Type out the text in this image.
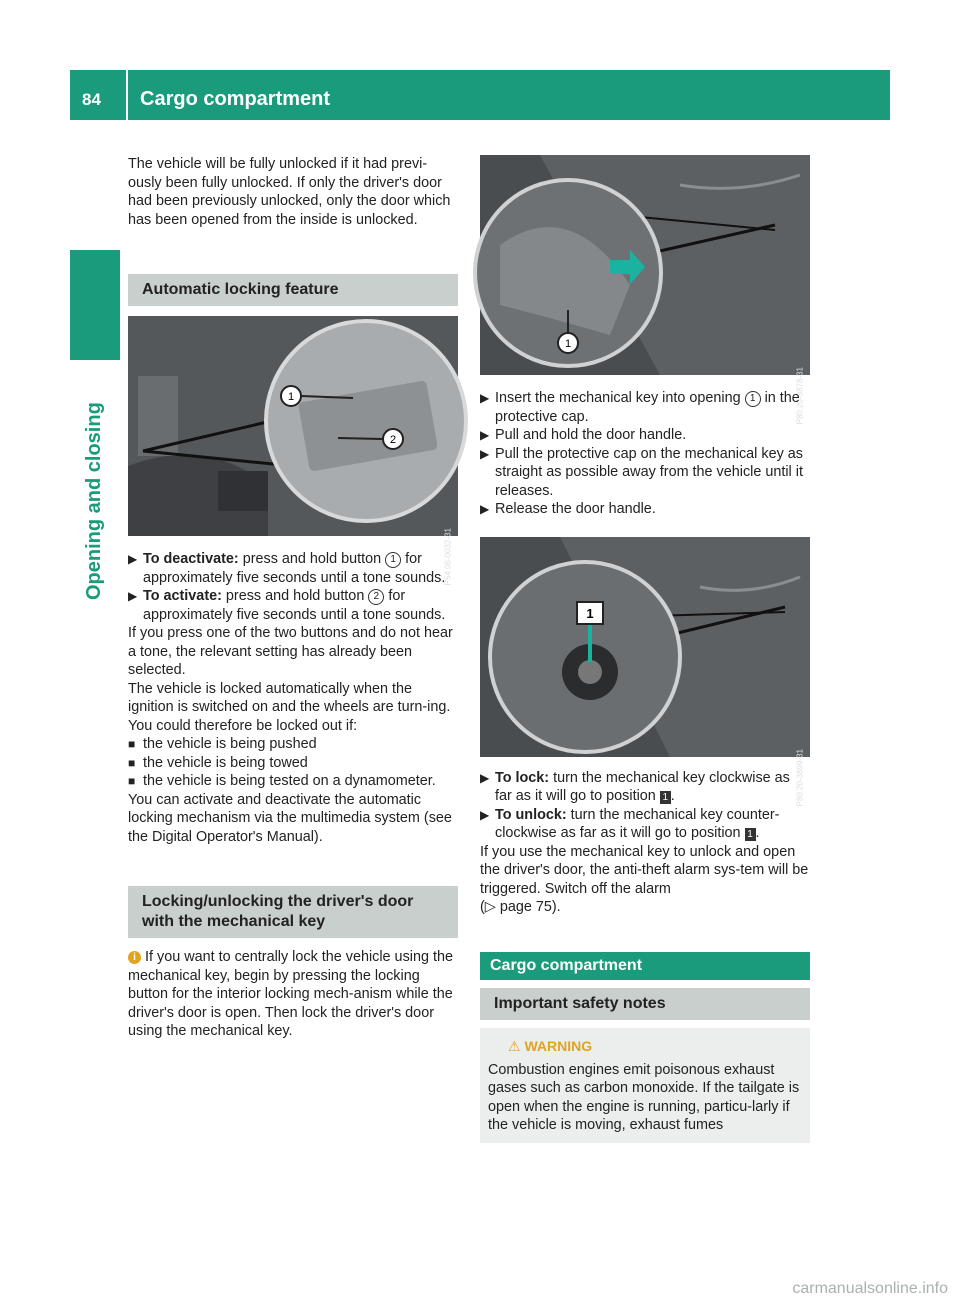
84 Cargo compartment
Opening and closing

The vehicle will be fully unlocked if it had previ-ously been fully unlocked. If only the driver's door had been previously unlocked, only the door which has been opened from the inside is unlocked.

Automatic locking feature
1
2
P54.06-0032-31
▶ To deactivate: press and hold button 1 for approximately five seconds until a tone sounds.
▶ To activate: press and hold button 2 for approximately five seconds until a tone sounds.

If you press one of the two buttons and do not hear a tone, the relevant setting has already been selected.

The vehicle is locked automatically when the ignition is switched on and the wheels are turn-ing.

You could therefore be locked out if:

■ the vehicle is being pushed
■ the vehicle is being towed
■ the vehicle is being tested on a dynamometer.

You can activate and deactivate the automatic locking mechanism via the multimedia system (see the Digital Operator's Manual).

Locking/unlocking the driver's door with the mechanical key

i If you want to centrally lock the vehicle using the mechanical key, begin by pressing the locking button for the interior locking mech-anism while the driver's door is open. Then lock the driver's door using the mechanical key.

1
P80.20-3878-31
▶ Insert the mechanical key into opening 1 in the protective cap.
▶ Pull and hold the door handle.
▶ Pull the protective cap on the mechanical key as straight as possible away from the vehicle until it releases.
▶ Release the door handle.
1
P80.20-3899-31
▶ To lock: turn the mechanical key clockwise as far as it will go to position 1 .
▶ To unlock: turn the mechanical key counter-clockwise as far as it will go to position 1 .

If you use the mechanical key to unlock and open the driver's door, the anti-theft alarm sys-tem will be triggered. Switch off the alarm

(▷ page 75).

Cargo compartment
Important safety notes
⚠ WARNING

Combustion engines emit poisonous exhaust gases such as carbon monoxide. If the tailgate is open when the engine is running, particu-larly if the vehicle is moving, exhaust fumes

carmanualsonline.info
